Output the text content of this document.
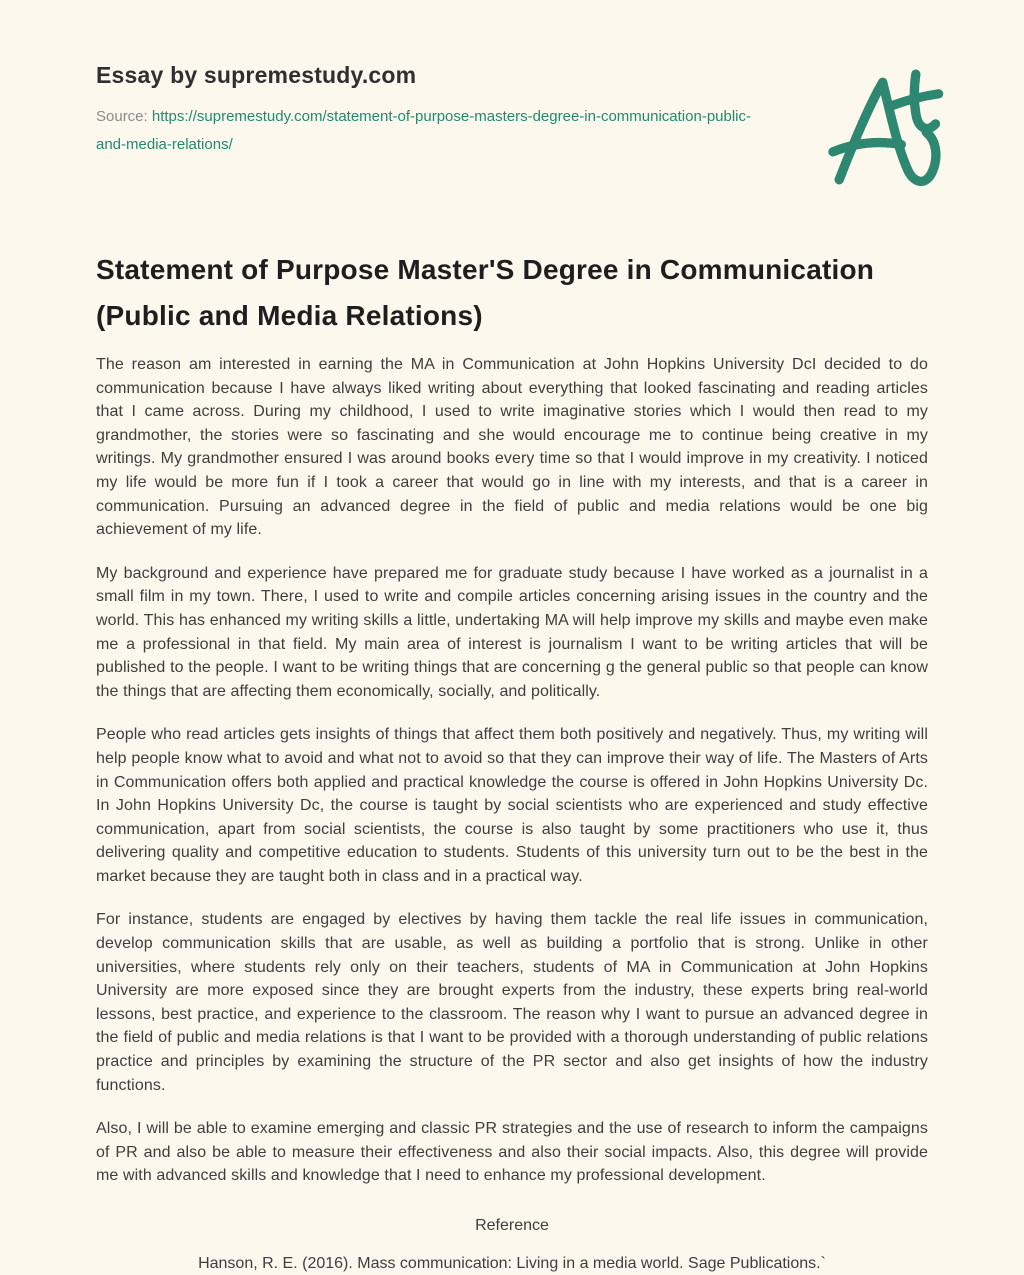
Essay by supremestudy.com

Source: https://supremestudy.com/statement-of-purpose-masters-degree-in-communication-public-and-media-relations/

Statement of Purpose Master'S Degree in Communication (Public and Media Relations)

The reason am interested in earning the MA in Communication at John Hopkins University DcI decided to do communication because I have always liked writing about everything that looked fascinating and reading articles that I came across. During my childhood, I used to write imaginative stories which I would then read to my grandmother, the stories were so fascinating and she would encourage me to continue being creative in my writings. My grandmother ensured I was around books every time so that I would improve in my creativity. I noticed my life would be more fun if I took a career that would go in line with my interests, and that is a career in communication. Pursuing an advanced degree in the field of public and media relations would be one big achievement of my life.

My background and experience have prepared me for graduate study because I have worked as a journalist in a small film in my town. There, I used to write and compile articles concerning arising issues in the country and the world. This has enhanced my writing skills a little, undertaking MA will help improve my skills and maybe even make me a professional in that field. My main area of interest is journalism I want to be writing articles that will be published to the people. I want to be writing things that are concerning g the general public so that people can know the things that are affecting them economically, socially, and politically.

People who read articles gets insights of things that affect them both positively and negatively. Thus, my writing will help people know what to avoid and what not to avoid so that they can improve their way of life. The Masters of Arts in Communication offers both applied and practical knowledge the course is offered in John Hopkins University Dc. In John Hopkins University Dc, the course is taught by social scientists who are experienced and study effective communication, apart from social scientists, the course is also taught by some practitioners who use it, thus delivering quality and competitive education to students. Students of this university turn out to be the best in the market because they are taught both in class and in a practical way.

For instance, students are engaged by electives by having them tackle the real life issues in communication, develop communication skills that are usable, as well as building a portfolio that is strong. Unlike in other universities, where students rely only on their teachers, students of MA in Communication at John Hopkins University are more exposed since they are brought experts from the industry, these experts bring real-world lessons, best practice, and experience to the classroom. The reason why I want to pursue an advanced degree in the field of public and media relations is that I want to be provided with a thorough understanding of public relations practice and principles by examining the structure of the PR sector and also get insights of how the industry functions.

Also, I will be able to examine emerging and classic PR strategies and the use of research to inform the campaigns of PR and also be able to measure their effectiveness and also their social impacts. Also, this degree will provide me with advanced skills and knowledge that I need to enhance my professional development.

Reference

Hanson, R. E. (2016). Mass communication: Living in a media world. Sage Publications.`
